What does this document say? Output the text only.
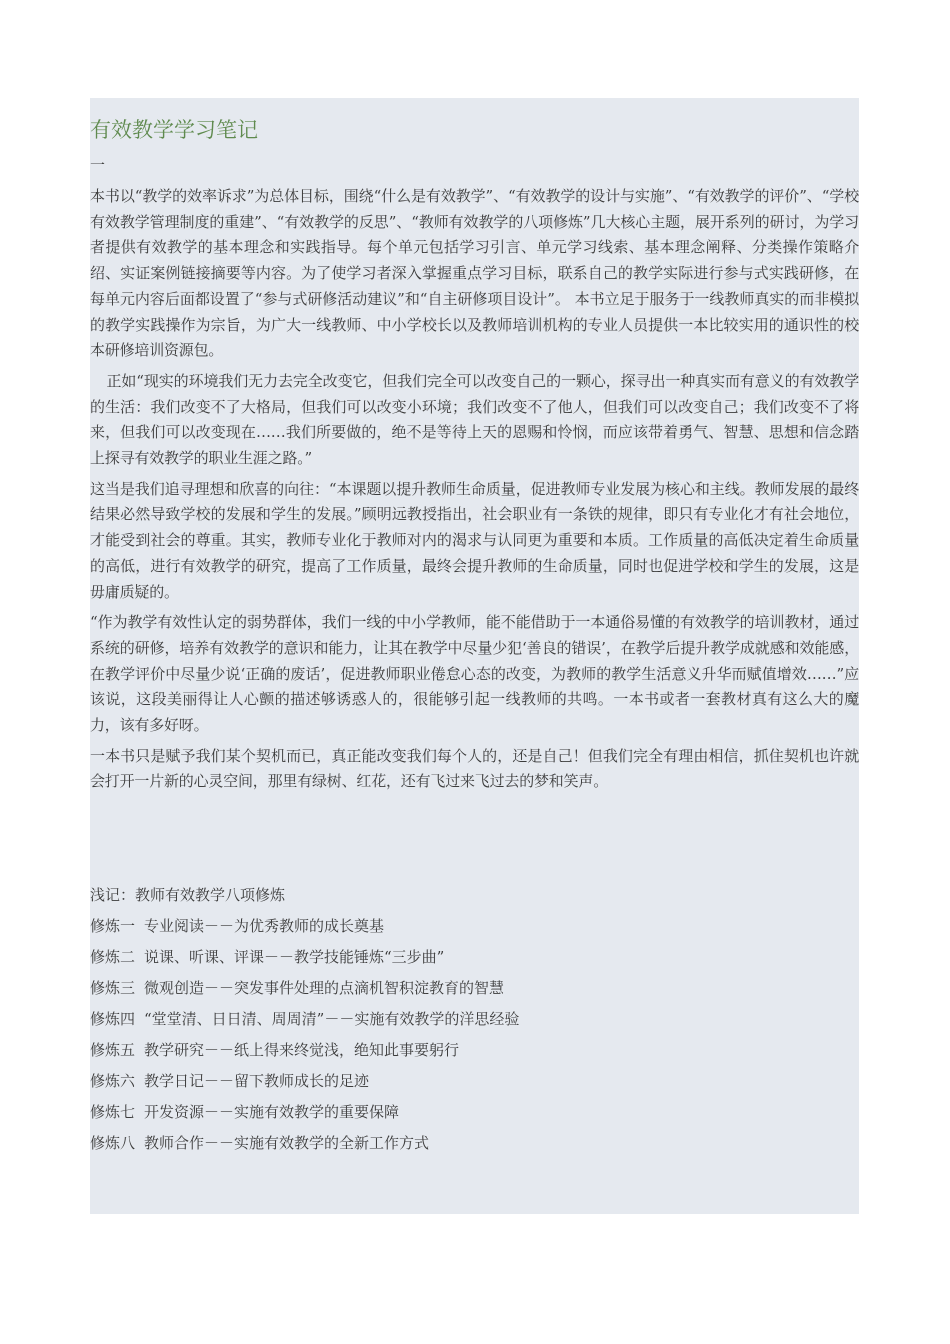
有效教学学习笔记
一

本书以“教学的效率诉求”为总体目标，围绕“什么是有效教学”、“有效教学的设计与实施”、“有效教学的评价”、“学校有效教学管理制度的重建”、“有效教学的反思”、“教师有效教学的八项修炼”几大核心主题，展开系列的研讨，为学习者提供有效教学的基本理念和实践指导。每个单元包括学习引言、单元学习线索、基本理念阐释、分类操作策略介绍、实证案例链接摘要等内容。为了使学习者深入掌握重点学习目标，联系自己的教学实际进行参与式实践研修，在每单元内容后面都设置了“参与式研修活动建议”和“自主研修项目设计”。 本书立足于服务于一线教师真实的而非模拟的教学实践操作为宗旨，为广大一线教师、中小学校长以及教师培训机构的专业人员提供一本比较实用的通识性的校本研修培训资源包。

正如“现实的环境我们无力去完全改变它，但我们完全可以改变自己的一颗心，探寻出一种真实而有意义的有效教学的生活：我们改变不了大格局，但我们可以改变小环境；我们改变不了他人，但我们可以改变自己；我们改变不了将来，但我们可以改变现在……我们所要做的，绝不是等待上天的恩赐和怜悯，而应该带着勇气、智慧、思想和信念踏上探寻有效教学的职业生涯之路。”

这当是我们追寻理想和欣喜的向往：“本课题以提升教师生命质量，促进教师专业发展为核心和主线。教师发展的最终结果必然导致学校的发展和学生的发展。”顾明远教授指出，社会职业有一条铁的规律，即只有专业化才有社会地位，才能受到社会的尊重。其实，教师专业化于教师对内的渴求与认同更为重要和本质。工作质量的高低决定着生命质量的高低，进行有效教学的研究，提高了工作质量，最终会提升教师的生命质量，同时也促进学校和学生的发展，这是毋庸质疑的。

“作为教学有效性认定的弱势群体，我们一线的中小学教师，能不能借助于一本通俗易懂的有效教学的培训教材，通过系统的研修，培养有效教学的意识和能力，让其在教学中尽量少犯‘善良的错误’，在教学后提升教学成就感和效能感，在教学评价中尽量少说‘正确的废话’，促进教师职业倦怠心态的改变，为教师的教学生活意义升华而赋值增效……”应该说，这段美丽得让人心颤的描述够诱惑人的，很能够引起一线教师的共鸣。一本书或者一套教材真有这么大的魔力，该有多好呀。

一本书只是赋予我们某个契机而已，真正能改变我们每个人的，还是自己！但我们完全有理由相信，抓住契机也许就会打开一片新的心灵空间，那里有绿树、红花，还有飞过来飞过去的梦和笑声。

浅记：教师有效教学八项修炼
修炼一 专业阅读－－为优秀教师的成长奠基
修炼二 说课、听课、评课－－教学技能锤炼“三步曲”
修炼三 微观创造－－突发事件处理的点滴机智积淀教育的智慧
修炼四 “堂堂清、日日清、周周清”－－实施有效教学的洋思经验
修炼五 教学研究－－纸上得来终觉浅，绝知此事要躬行
修炼六 教学日记－－留下教师成长的足迹
修炼七 开发资源－－实施有效教学的重要保障
修炼八 教师合作－－实施有效教学的全新工作方式
